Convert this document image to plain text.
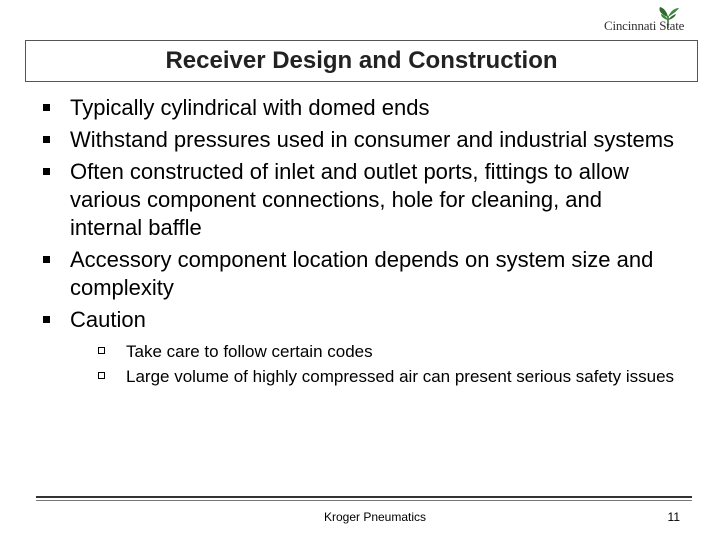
Cincinnati State
Receiver Design and Construction
Typically cylindrical with domed ends
Withstand pressures used in consumer and industrial systems
Often constructed of inlet and outlet ports, fittings to allow various component connections, hole for cleaning, and internal baffle
Accessory component location depends on system size and complexity
Caution
Take care to follow certain codes
Large volume of highly compressed air can present serious safety issues
Kroger Pneumatics	11
